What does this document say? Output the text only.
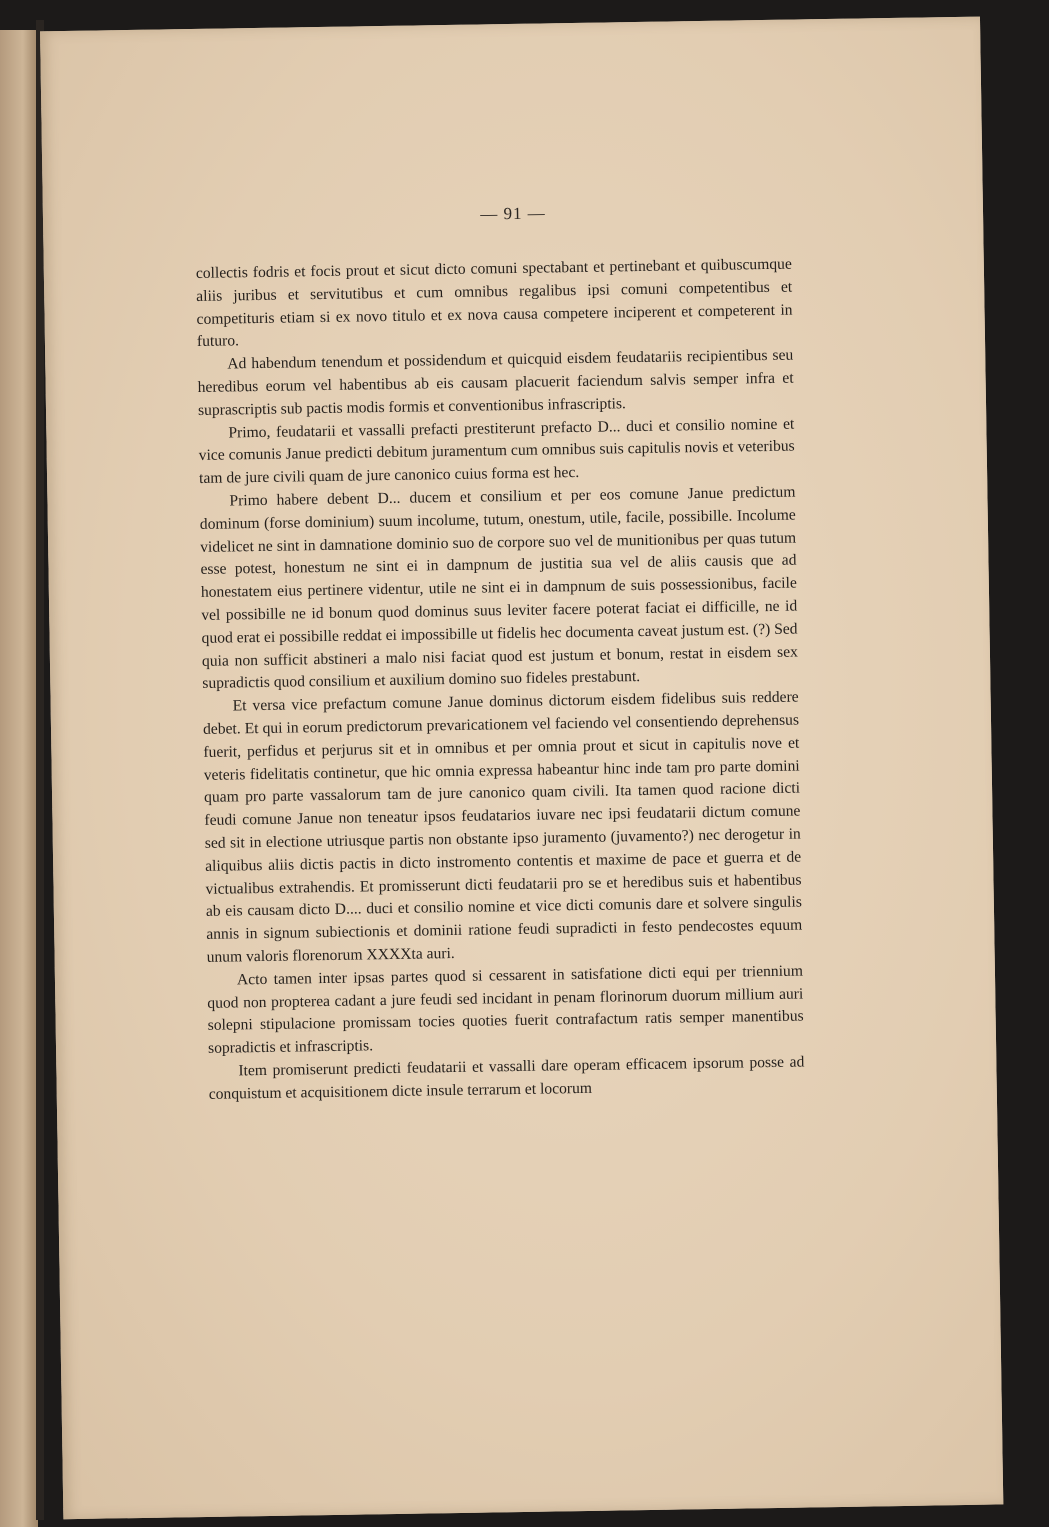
— 91 —

collectis fodris et focis prout et sicut dicto comuni spectabant et pertinebant et quibuscumque aliis juribus et servitutibus et cum omnibus regalibus ipsi comuni competentibus et competituris etiam si ex novo titulo et ex nova causa competere inciperent et competerent in futuro.

Ad habendum tenendum et possidendum et quicquid eisdem feudatariis recipientibus seu heredibus eorum vel habentibus ab eis causam placuerit faciendum salvis semper infra et suprascriptis sub pactis modis formis et conventionibus infrascriptis.

Primo, feudatarii et vassalli prefacti prestiterunt prefacto D... duci et consilio nomine et vice comunis Janue predicti debitum juramentum cum omnibus suis capitulis novis et veteribus tam de jure civili quam de jure canonico cuius forma est hec.

Primo habere debent D... ducem et consilium et per eos comune Janue predictum dominum (forse dominium) suum incolume, tutum, onestum, utile, facile, possibille. Incolume videlicet ne sint in damnatione dominio suo de corpore suo vel de munitionibus per quas tutum esse potest, honestum ne sint ei in dampnum de justitia sua vel de aliis causis que ad honestatem eius pertinere videntur, utile ne sint ei in dampnum de suis possessionibus, facile vel possibille ne id bonum quod dominus suus leviter facere poterat faciat ei difficille, ne id quod erat ei possibille reddat ei impossibille ut fidelis hec documenta caveat justum est. (?) Sed quia non sufficit abstineri a malo nisi faciat quod est justum et bonum, restat in eisdem sex supradictis quod consilium et auxilium domino suo fideles prestabunt.

Et versa vice prefactum comune Janue dominus dictorum eisdem fidelibus suis reddere debet. Et qui in eorum predictorum prevaricationem vel faciendo vel consentiendo deprehensus fuerit, perfidus et perjurus sit et in omnibus et per omnia prout et sicut in capitulis nove et veteris fidelitatis continetur, que hic omnia expressa habeantur hinc inde tam pro parte domini quam pro parte vassalorum tam de jure canonico quam civili. Ita tamen quod racione dicti feudi comune Janue non teneatur ipsos feudatarios iuvare nec ipsi feudatarii dictum comune sed sit in electione utriusque partis non obstante ipso juramento (juvamento?) nec derogetur in aliquibus aliis dictis pactis in dicto instromento contentis et maxime de pace et guerra et de victualibus extrahendis. Et promisserunt dicti feudatarii pro se et heredibus suis et habentibus ab eis causam dicto D.... duci et consilio nomine et vice dicti comunis dare et solvere singulis annis in signum subiectionis et dominii ratione feudi supradicti in festo pendecostes equum unum valoris florenorum XXXXta auri.

Acto tamen inter ipsas partes quod si cessarent in satisfatione dicti equi per triennium quod non propterea cadant a jure feudi sed incidant in penam florinorum duorum millium auri solepni stipulacione promissam tocies quoties fuerit contrafactum ratis semper manentibus sopradictis et infrascriptis.

Item promiserunt predicti feudatarii et vassalli dare operam efficacem ipsorum posse ad conquistum et acquisitionem dicte insule terrarum et locorum
